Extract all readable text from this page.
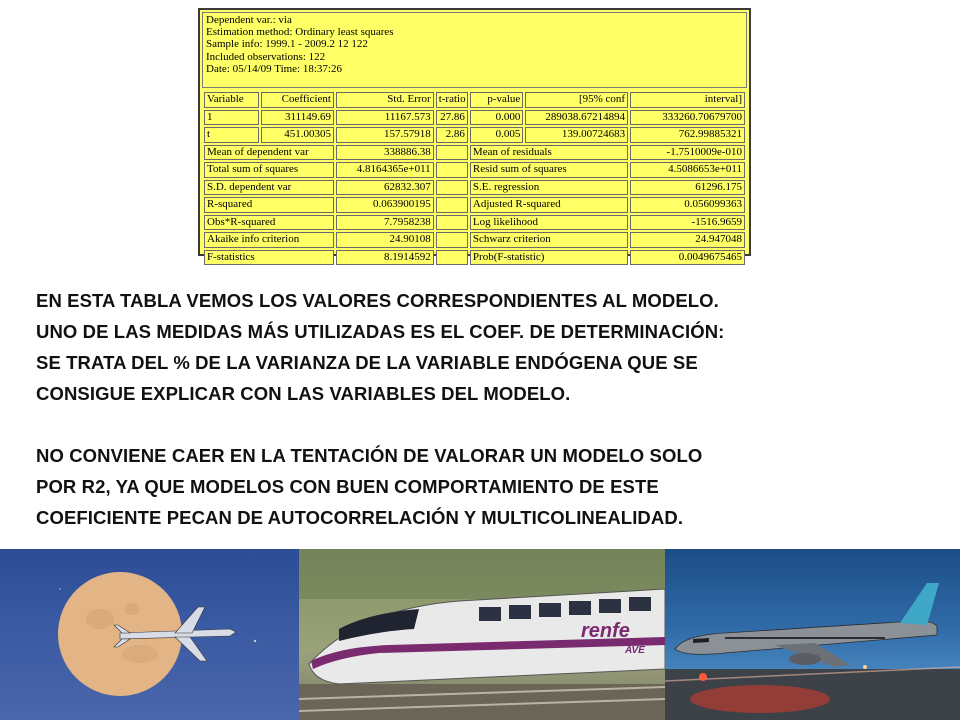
Dependent var.: via
Estimation method: Ordinary least squares
Sample info: 1999.1 - 2009.2 12 122
Included observations: 122
Date: 05/14/09 Time: 18:37:26
Variable	Coefficient	Std. Error	t-ratio	p-value	[95% conf	interval]
1	311149.69	11167.573	27.86	0.000	289038.67214894	333260.70679700
t	451.00305	157.57918	2.86	0.005	139.00724683	762.99885321
Mean of dependent var		338886.38		Mean of residuals		-1.7510009e-010
Total sum of squares		4.8164365e+011		Resid sum of squares		4.5086653e+011
S.D. dependent var		62832.307		S.E. regression		61296.175
R-squared		0.063900195		Adjusted R-squared		0.056099363
Obs*R-squared		7.7958238		Log likelihood		-1516.9659
Akaike info criterion		24.90108		Schwarz criterion		24.947048
F-statistics		8.1914592		Prob(F-statistic)		0.0049675465
EN ESTA TABLA VEMOS LOS VALORES CORRESPONDIENTES AL MODELO.
UNO DE LAS MEDIDAS MÁS UTILIZADAS ES EL COEF. DE DETERMINACIÓN:
SE TRATA DEL % DE LA VARIANZA DE LA VARIABLE ENDÓGENA QUE SE
CONSIGUE EXPLICAR CON LAS VARIABLES DEL MODELO.
NO CONVIENE CAER EN LA TENTACIÓN DE VALORAR UN MODELO SOLO
POR R2, YA QUE MODELOS CON BUEN COMPORTAMIENTO DE ESTE
COEFICIENTE PECAN DE AUTOCORRELACIÓN Y MULTICOLINEALIDAD.
renfe
AVE
